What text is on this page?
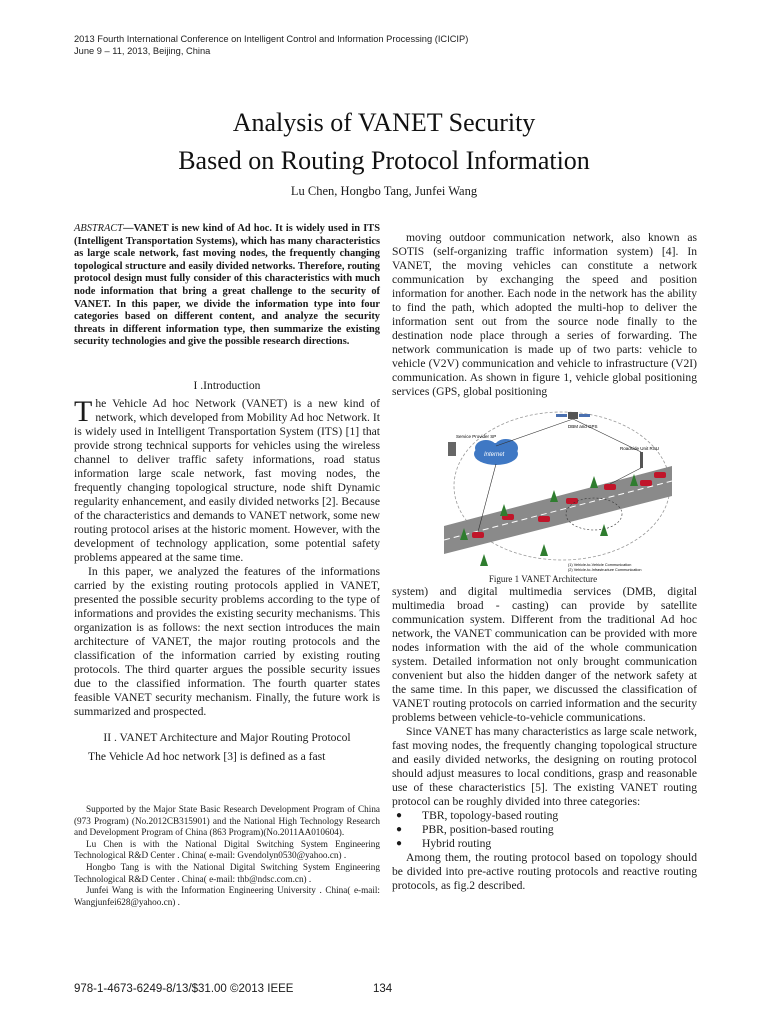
2013 Fourth International Conference on Intelligent Control and Information Processing (ICICIP)
June 9 – 11, 2013, Beijing, China
Analysis of VANET Security
Based on Routing Protocol Information
Lu Chen, Hongbo Tang, Junfei Wang

ABSTRACT—VANET is new kind of Ad hoc. It is widely used in ITS (Intelligent Transportation Systems), which has many characteristics as large scale network, fast moving nodes, the frequently changing topological structure and easily divided networks. Therefore, routing protocol design must fully consider of this characteristics with much node information that bring a great challenge to the security of VANET. In this paper, we divide the information type into four categories based on different content, and analyze the security threats in different information type, then summarize the existing security technologies and give the possible research directions.

I .Introduction

The Vehicle Ad hoc Network (VANET) is a new kind of network, which developed from Mobility Ad hoc Network. It is widely used in Intelligent Transportation System (ITS) [1] that provide strong technical supports for vehicles using the wireless channel to deliver traffic safety informations, road status information large scale network, fast moving nodes, the frequently changing topological structure, node shift Dynamic regularity enhancement, and easily divided networks [2]. Because of the characteristics and demands to VANET network, some new routing protocol arises at the historic moment. However, with the development of technology application, some potential safety problems appeared at the same time.

In this paper, we analyzed the features of the informations carried by the existing routing protocols applied in VANET, presented the possible security problems according to the type of informations and provides the existing security mechanisms. This organization is as follows: the next section introduces the main architecture of VANET, the major routing protocols and the classification of the information carried by existing routing protocols. The third quarter argues the possible security issues due to the classified information. The fourth quarter states feasible VANET security mechanism. Finally, the future work is summarized and prospected.

II . VANET Architecture and Major Routing Protocol

The Vehicle Ad hoc network [3] is defined as a fast

Supported by the Major State Basic Research Development Program of China (973 Program) (No.2012CB315901) and the National High Technology Research and Development Program of China (863 Program)(No.2011AA010604).

Lu Chen is with the National Digital Switching System Engineering Technological R&D Center . China( e-mail: Gvendolyn0530@yahoo.cn) .

Hongbo Tang is with the National Digital Switching System Engineering Technological R&D Center . China( e-mail: thb@ndsc.com.cn) .

Junfei Wang is with the Information Engineering University . China( e-mail: Wangjunfei628@yahoo.cn) .

moving outdoor communication network, also known as SOTIS (self-organizing traffic information system) [4]. In VANET, the moving vehicles can constitute a network communication by exchanging the speed and position information for another. Each node in the network has the ability to find the path, which adopted the multi-hop to deliver the information sent out from the source node finally to the destination node place through a series of forwarding. The network communication is made up of two parts: vehicle to vehicle (V2V) communication and vehicle to infrastructure (V2I) communication. As shown in figure 1, vehicle global positioning services (GPS, global positioning

DBM and GPS
Internet
Service Provider SP
Roadside Unit RSU
(1) Vehicle-to-Vehicle Communication
(2) Vehicle-to-Infrastructure Communication
Figure 1 VANET Architecture

system) and digital multimedia services (DMB, digital multimedia broad - casting) can provide by satellite communication system. Different from the traditional Ad hoc network, the VANET communication can be provided with more nodes information with the aid of the whole communication system. Detailed information not only brought communication convenient but also the hidden danger of the network safety at the same time. In this paper, we discussed the classification of VANET routing protocols on carried information and the security problems between vehicle-to-vehicle communications.

Since VANET has many characteristics as large scale network, fast moving nodes, the frequently changing topological structure and easily divided networks, the designing on routing protocol should adjust measures to local conditions, grasp and reasonable use of these characteristics [5]. The existing VANET routing protocol can be roughly divided into three categories:

● TBR, topology-based routing
● PBR, position-based routing
● Hybrid routing

Among them, the routing protocol based on topology should be divided into pre-active routing protocols and reactive routing protocols, as fig.2 described.

978-1-4673-6249-8/13/$31.00 ©2013 IEEE	134
